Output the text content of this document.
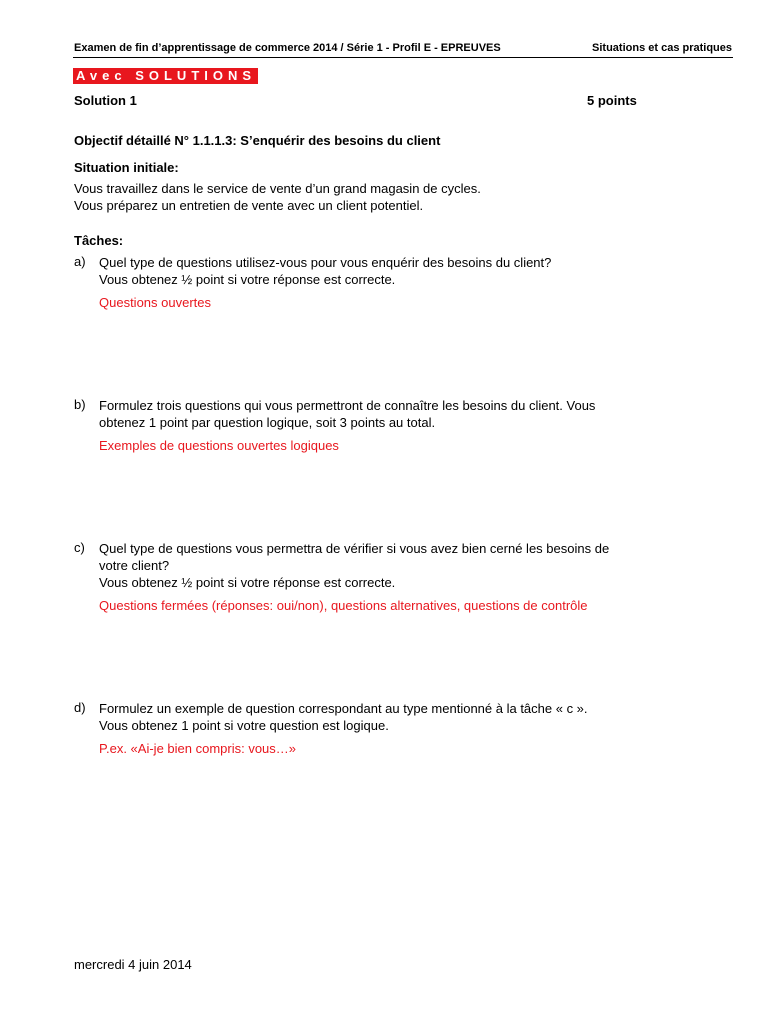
Examen de fin d’apprentissage de commerce 2014 / Série 1 - Profil E - EPREUVES	Situations et cas pratiques
Avec SOLUTIONS
Solution 1	5 points
Objectif détaillé N° 1.1.1.3: S’enquérir des besoins du client
Situation initiale:
Vous travaillez dans le service de vente d’un grand magasin de cycles.
Vous préparez un entretien de vente avec un client potentiel.
Tâches:
a) Quel type de questions utilisez-vous pour vous enquérir des besoins du client?
Vous obtenez ½ point si votre réponse est correcte.
Questions ouvertes
b) Formulez trois questions qui vous permettront de connaître les besoins du client. Vous
obtenez 1 point par question logique, soit 3 points au total.
Exemples de questions ouvertes logiques
c) Quel type de questions vous permettra de vérifier si vous avez bien cerné les besoins de
votre client?
Vous obtenez ½ point si votre réponse est correcte.
Questions fermées (réponses: oui/non), questions alternatives, questions de contrôle
d) Formulez un exemple de question correspondant au type mentionné à la tâche « c ».
Vous obtenez 1 point si votre question est logique.
P.ex. «Ai-je bien compris: vous…»
mercredi 4 juin 2014
